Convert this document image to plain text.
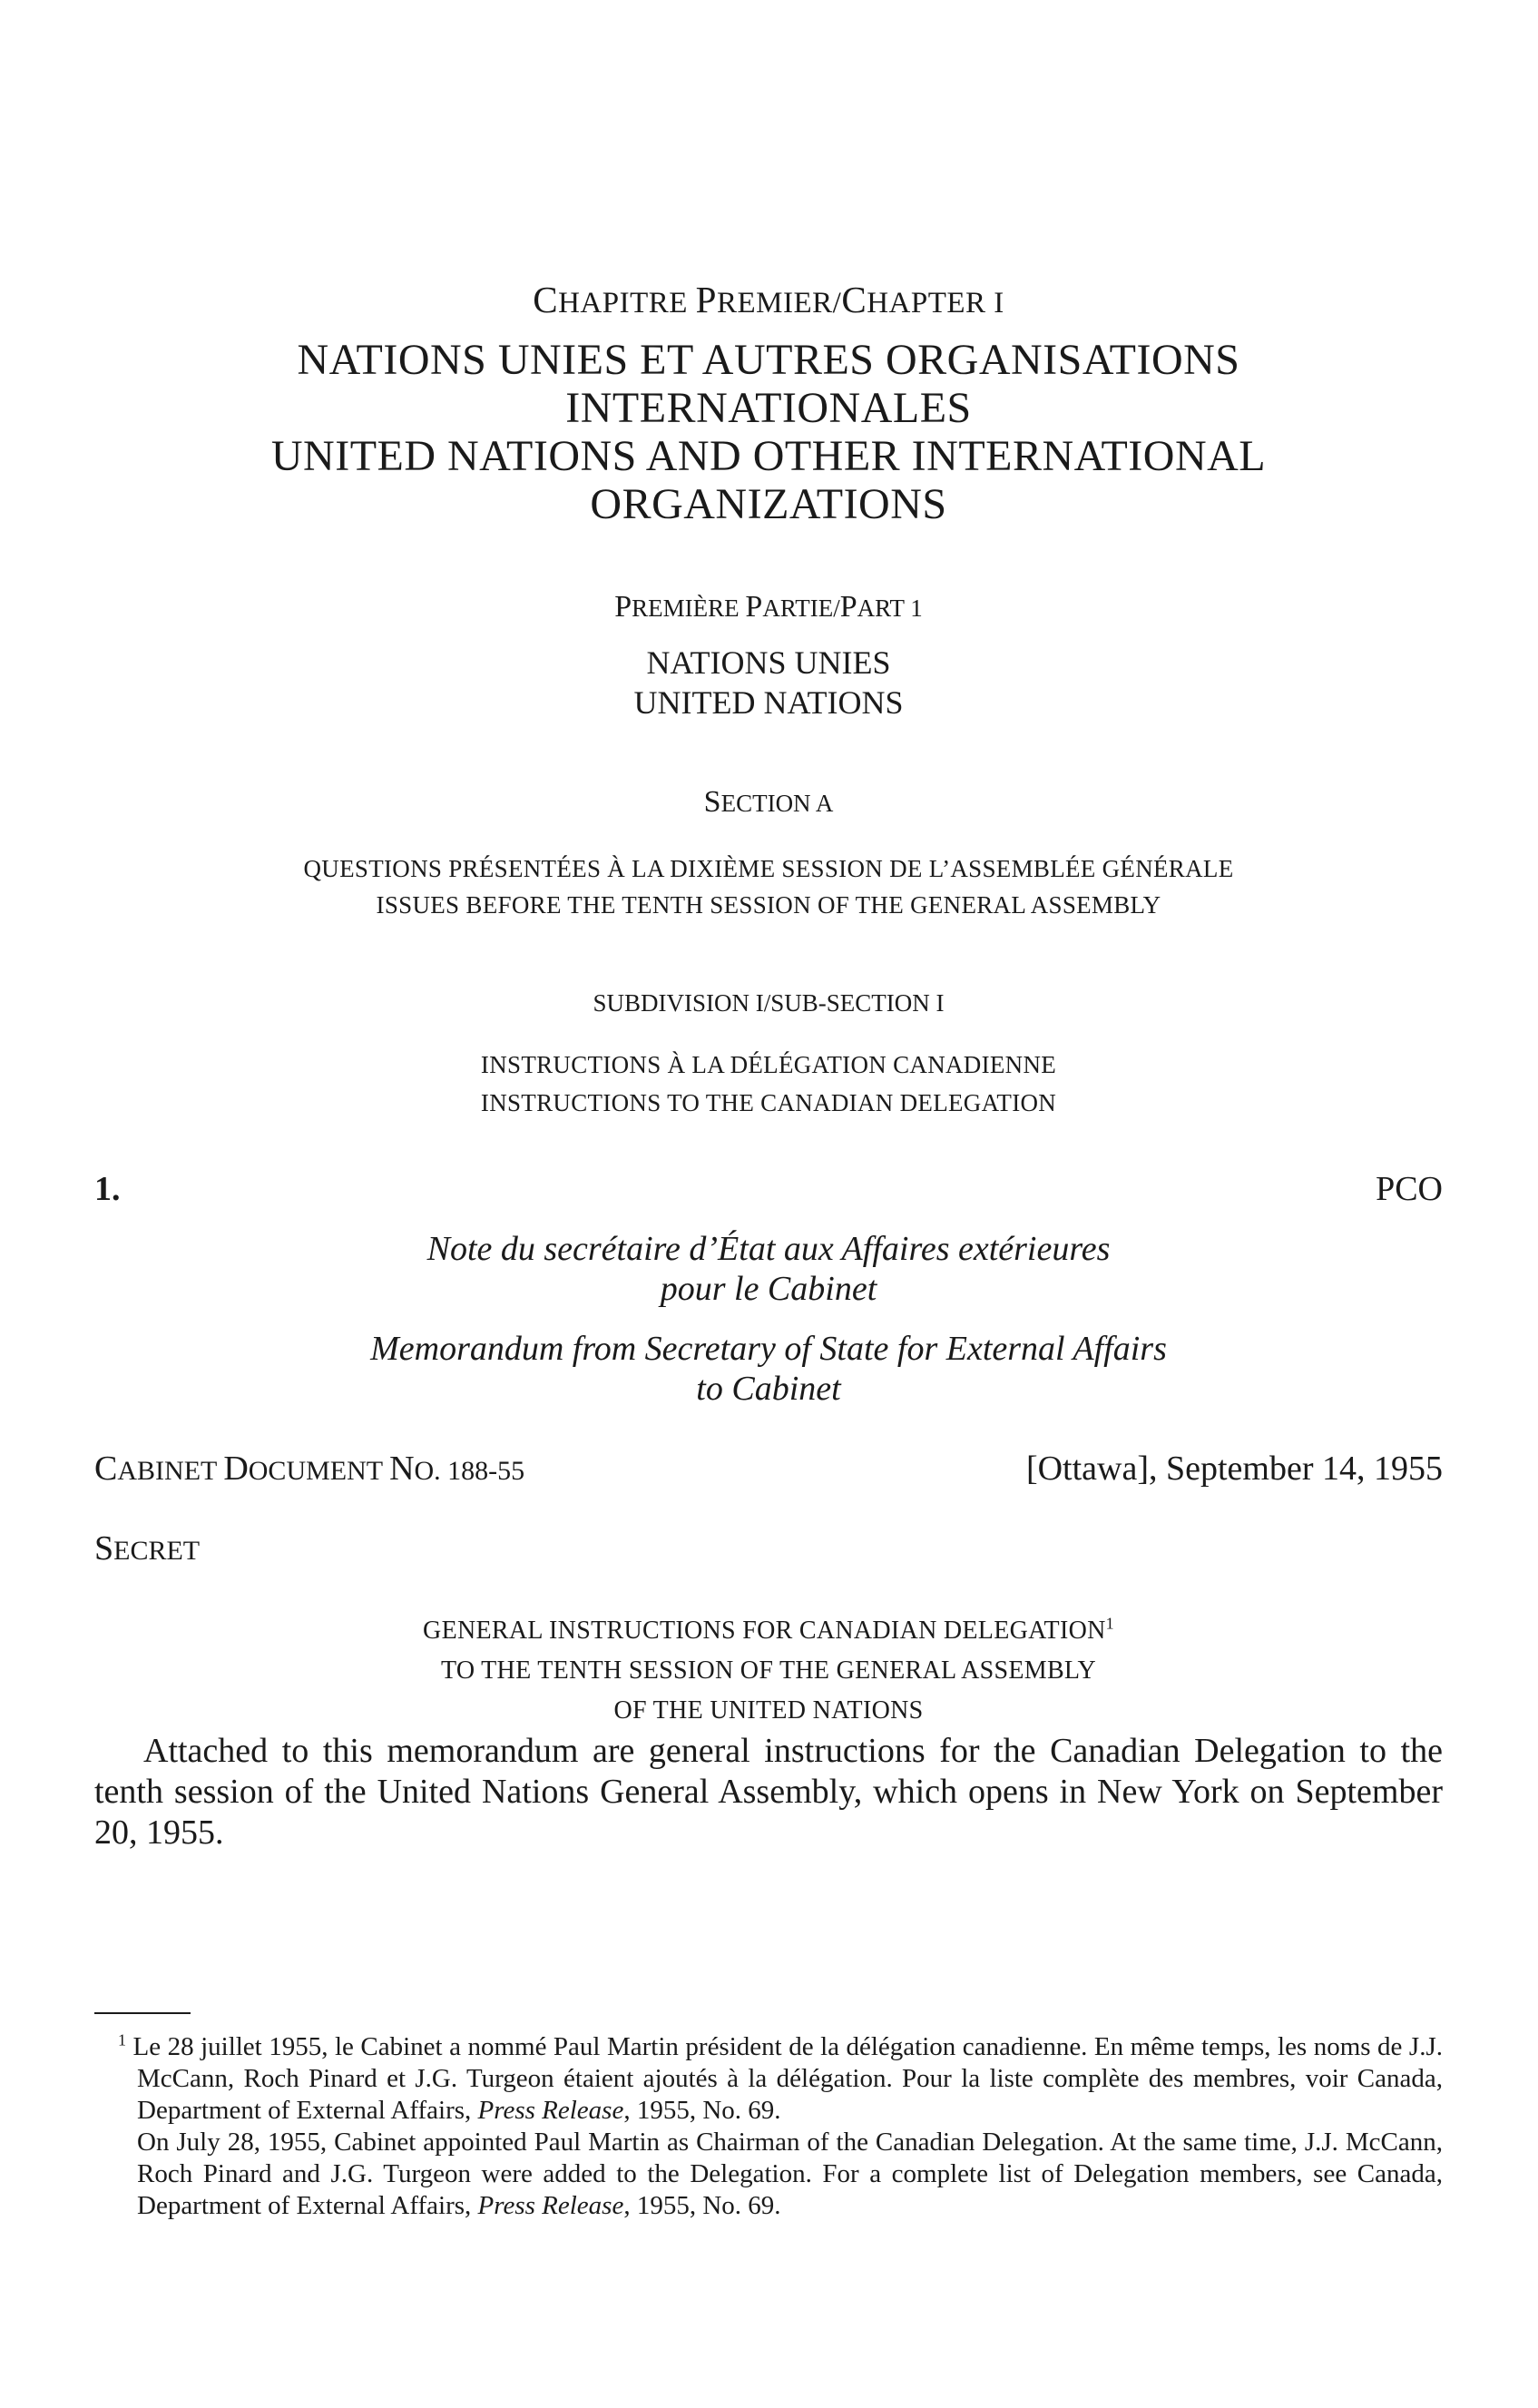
CHAPITRE PREMIER/CHAPTER I
NATIONS UNIES ET AUTRES ORGANISATIONS
INTERNATIONALES
UNITED NATIONS AND OTHER INTERNATIONAL
ORGANIZATIONS
PREMIÈRE PARTIE/PART 1
NATIONS UNIES
UNITED NATIONS
SECTION A
QUESTIONS PRÉSENTÉES À LA DIXIÈME SESSION DE L’ASSEMBLÉE GÉNÉRALE
ISSUES BEFORE THE TENTH SESSION OF THE GENERAL ASSEMBLY
SUBDIVISION I/SUB-SECTION I
INSTRUCTIONS À LA DÉLÉGATION CANADIENNE
INSTRUCTIONS TO THE CANADIAN DELEGATION
1.	PCO
Note du secrétaire d’État aux Affaires extérieures
pour le Cabinet
Memorandum from Secretary of State for External Affairs
to Cabinet
CABINET DOCUMENT NO. 188-55	[Ottawa], September 14, 1955
SECRET
GENERAL INSTRUCTIONS FOR CANADIAN DELEGATION$^1$
TO THE TENTH SESSION OF THE GENERAL ASSEMBLY
OF THE UNITED NATIONS
Attached to this memorandum are general instructions for the Canadian Delegation to the tenth session of the United Nations General Assembly, which opens in New York on September 20, 1955.

$^1$ Le 28 juillet 1955, le Cabinet a nommé Paul Martin président de la délégation canadienne. En même temps, les noms de J.J. McCann, Roch Pinard et J.G. Turgeon étaient ajoutés à la délégation. Pour la liste complète des membres, voir Canada, Department of External Affairs, Press Release, 1955, No. 69.

On July 28, 1955, Cabinet appointed Paul Martin as Chairman of the Canadian Delegation. At the same time, J.J. McCann, Roch Pinard and J.G. Turgeon were added to the Delegation. For a complete list of Delegation members, see Canada, Department of External Affairs, Press Release, 1955, No. 69.
